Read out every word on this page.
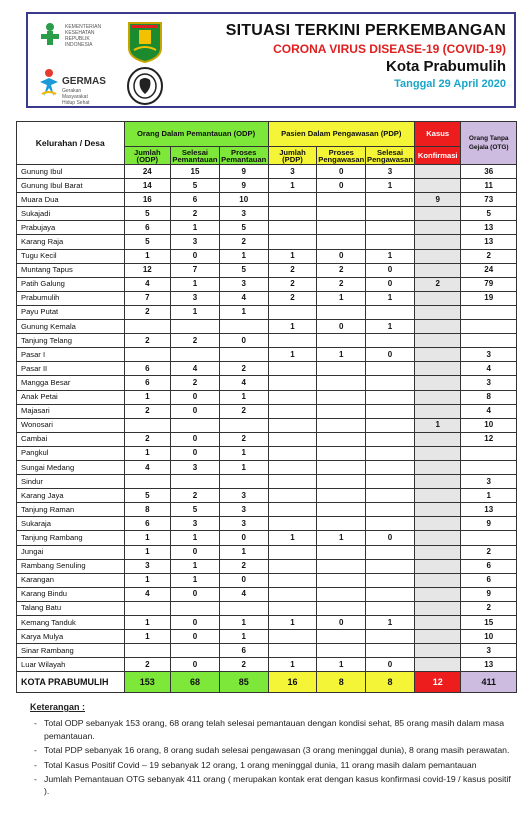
KEMENTERIAN KESEHATAN REPUBLIK INDONESIA
GERMAS
Gerakan Masyarakat Hidup Sehat
SITUASI TERKINI PERKEMBANGAN
CORONA VIRUS DISEASE-19 (COVID-19)
Kota Prabumulih
Tanggal 29 April 2020
Kelurahan / Desa	Orang Dalam Pemantauan (ODP)			Pasien Dalam Pengawasan (PDP)			Kasus	Orang Tanpa Gejala (OTG)
	Jumlah (ODP)	Selesai Pemantauan	Proses Pemantauan	Jumlah (PDP)	Proses Pengawasan	Selesai Pengawasan	Konfirmasi	
Gunung Ibul	24	15	9	3	0	3		36
Gunung Ibul Barat	14	5	9	1	0	1		11
Muara Dua	16	6	10				9	73
Sukajadi	5	2	3					5
Prabujaya	6	1	5					13
Karang Raja	5	3	2					13
Tugu Kecil	1	0	1	1	0	1		2
Muntang Tapus	12	7	5	2	2	0		24
Patih Galung	4	1	3	2	2	0	2	79
Prabumulih	7	3	4	2	1	1		19
Payu Putat	2	1	1					
Gunung Kemala				1	0	1		
Tanjung Telang	2	2	0					
Pasar I				1	1	0		3
Pasar II	6	4	2					4
Mangga Besar	6	2	4					3
Anak Petai	1	0	1					8
Majasari	2	0	2					4
Wonosari							1	10
Cambai	2	0	2					12
Pangkul	1	0	1					
Sungai Medang	4	3	1					
Sindur								3
Karang Jaya	5	2	3					1
Tanjung Raman	8	5	3					13
Sukaraja	6	3	3					9
Tanjung Rambang	1	1	0	1	1	0		
Jungai	1	0	1					2
Rambang Senuling	3	1	2					6
Karangan	1	1	0					6
Karang Bindu	4	0	4					9
Talang Batu								2
Kemang Tanduk	1	0	1	1	0	1		15
Karya Mulya	1	0	1					10
Sinar Rambang			6					3
Luar Wilayah	2	0	2	1	1	0		13
KOTA PRABUMULIH	153	68	85	16	8	8	12	411
Keterangan :
- Total ODP sebanyak 153 orang, 68 orang telah selesai pemantauan dengan kondisi sehat, 85 orang masih dalam masa pemantauan.
- Total PDP sebanyak 16 orang, 8 orang sudah selesai pengawasan (3 orang meninggal dunia), 8 orang masih perawatan.
- Total Kasus Positif Covid – 19 sebanyak 12 orang, 1 orang meninggal dunia, 11 orang masih dalam pemantauan
- Jumlah Pemantauan OTG sebanyak 411 orang ( merupakan kontak erat dengan kasus konfirmasi covid-19 / kasus positif ).
